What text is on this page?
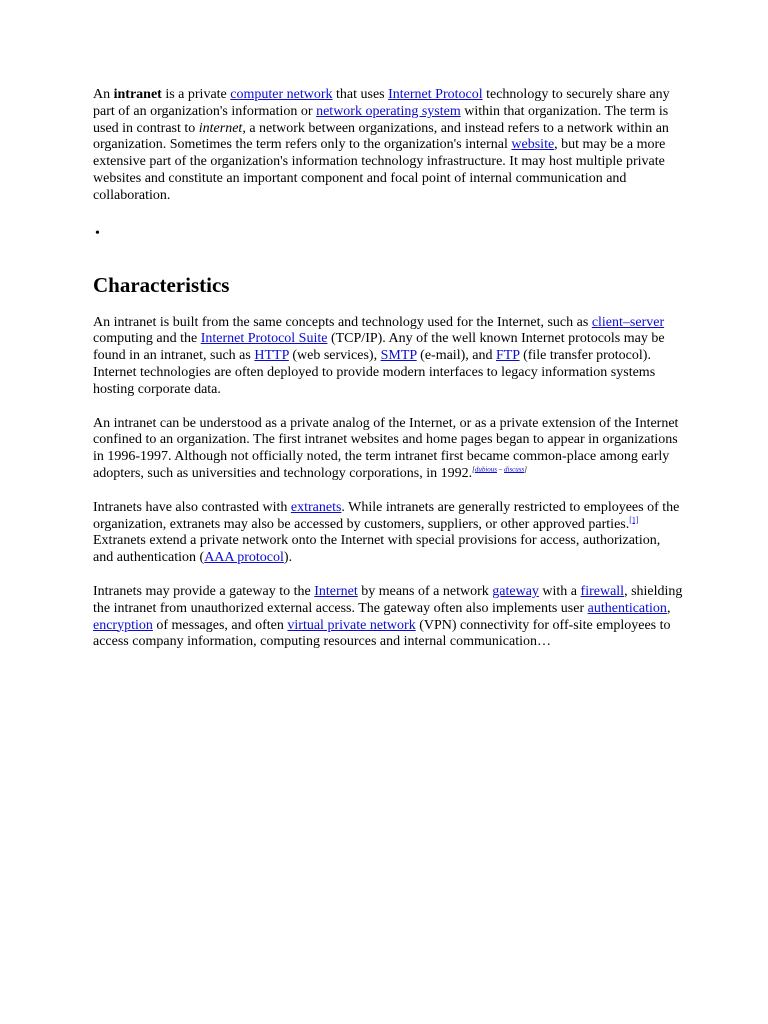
An intranet is a private computer network that uses Internet Protocol technology to securely share any part of an organization's information or network operating system within that organization. The term is used in contrast to internet, a network between organizations, and instead refers to a network within an organization. Sometimes the term refers only to the organization's internal website, but may be a more extensive part of the organization's information technology infrastructure. It may host multiple private websites and constitute an important component and focal point of internal communication and collaboration.

•
Characteristics

An intranet is built from the same concepts and technology used for the Internet, such as client–server computing and the Internet Protocol Suite (TCP/IP). Any of the well known Internet protocols may be found in an intranet, such as HTTP (web services), SMTP (e-mail), and FTP (file transfer protocol). Internet technologies are often deployed to provide modern interfaces to legacy information systems hosting corporate data.

An intranet can be understood as a private analog of the Internet, or as a private extension of the Internet confined to an organization. The first intranet websites and home pages began to appear in organizations in 1996-1997. Although not officially noted, the term intranet first became common-place among early adopters, such as universities and technology corporations, in 1992.[dubious – discuss]

Intranets have also contrasted with extranets. While intranets are generally restricted to employees of the organization, extranets may also be accessed by customers, suppliers, or other approved parties.[1] Extranets extend a private network onto the Internet with special provisions for access, authorization, and authentication (AAA protocol).

Intranets may provide a gateway to the Internet by means of a network gateway with a firewall, shielding the intranet from unauthorized external access. The gateway often also implements user authentication, encryption of messages, and often virtual private network (VPN) connectivity for off-site employees to access company information, computing resources and internal communication…
